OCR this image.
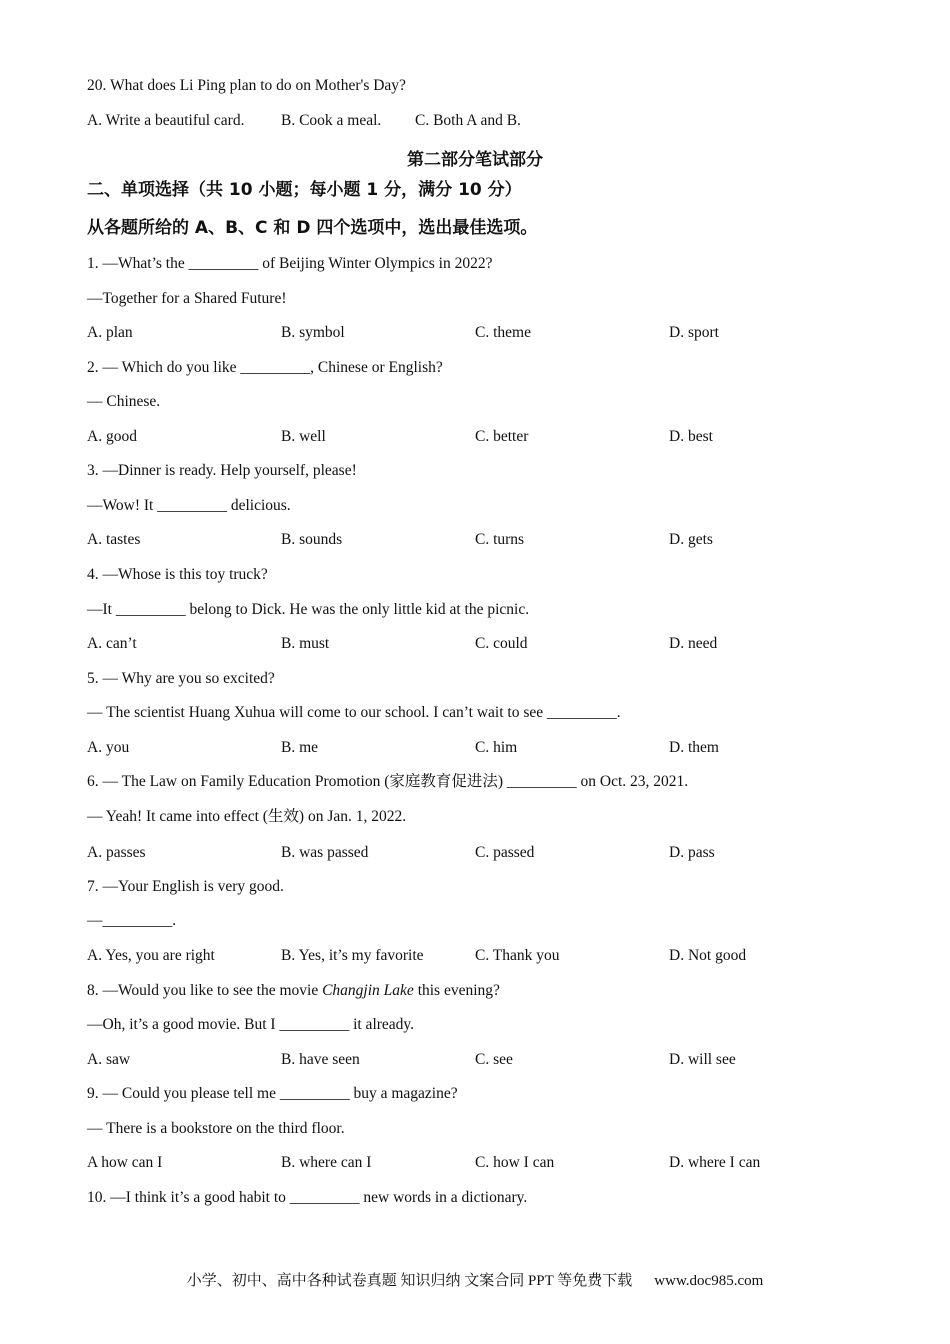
20. What does Li Ping plan to do on Mother's Day?
A. Write a beautiful card. B. Cook a meal. C. Both A and B.
第二部分笔试部分
二、单项选择（共 10 小题；每小题 1 分，满分 10 分）
从各题所给的 A、B、C 和 D 四个选项中，选出最佳选项。
1. —What’s the _________ of Beijing Winter Olympics in 2022?
—Together for a Shared Future!
A. plan	B. symbol	C. theme	D. sport
2. — Which do you like _________, Chinese or English?
— Chinese.
A. good	B. well	C. better	D. best
3. —Dinner is ready. Help yourself, please!
—Wow! It _________ delicious.
A. tastes	B. sounds	C. turns	D. gets
4. —Whose is this toy truck?
—It _________ belong to Dick. He was the only little kid at the picnic.
A. can’t	B. must	C. could	D. need
5. — Why are you so excited?
— The scientist Huang Xuhua will come to our school. I can’t wait to see _________.
A. you	B. me	C. him	D. them
6. — The Law on Family Education Promotion (家庭教育促进法) _________ on Oct. 23, 2021.
— Yeah! It came into effect (生效) on Jan. 1, 2022.
A. passes	B. was passed	C. passed	D. pass
7. —Your English is very good.
—_________.
A. Yes, you are right	B. Yes, it’s my favorite	C. Thank you	D. Not good
8. —Would you like to see the movie Changjin Lake this evening?
—Oh, it’s a good movie. But I _________ it already.
A. saw	B. have seen	C. see	D. will see
9. — Could you please tell me _________ buy a magazine?
— There is a bookstore on the third floor.
A how can I	B. where can I	C. how I can	D. where I can
10. —I think it’s a good habit to _________ new words in a dictionary.
小学、初中、高中各种试卷真题 知识归纳 文案合同 PPT 等免费下载 www.doc985.com
